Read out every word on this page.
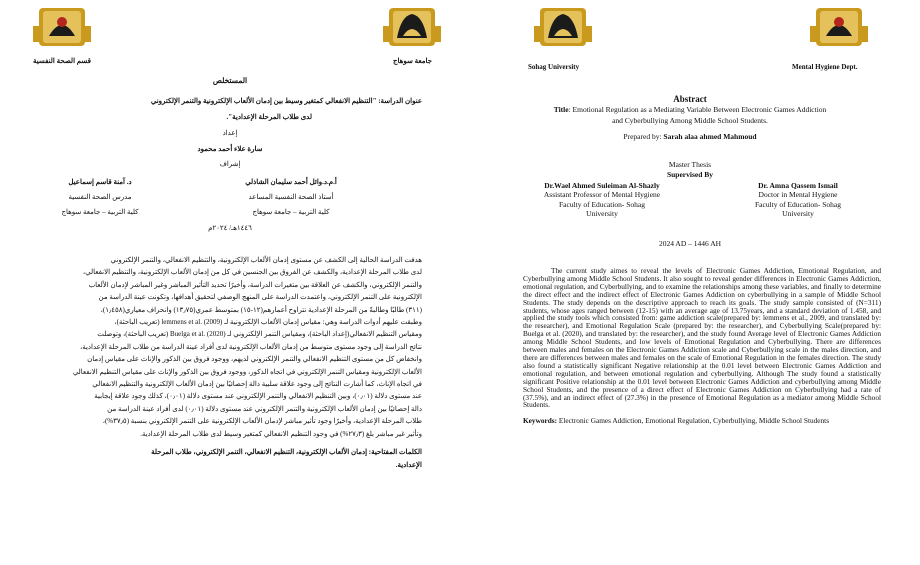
قسم الصحة النفسية	جامعة سوهاج
المستخلص
عنوان الدراسة: "التنظيم الانفعالي كمتغير وسيط بين إدمان الألعاب الإلكترونية والتنمر الإلكتروني
لدى طلاب المرحلة الإعدادية".
إعداد
سارة علاء أحمد محمود
إشراف
أ.م.د.وائل أحمد سليمان الشاذلي
أستاذ الصحة النفسية المساعد
كلية التربية – جامعة سوهاج
د. آمنة قاسم إسماعيل
مدرس الصحة النفسية
كلية التربية – جامعة سوهاج
١٤٤٦هـ/ ٢٠٢٤م
هدفت الدراسة الحالية إلى الكشف عن مستوى إدمان الألعاب الإلكترونية، والتنظيم الانفعالي، والتنمر الإلكتروني
لدى طلاب المرحلة الإعدادية، والكشف عن الفروق بين الجنسين في كل من إدمان الألعاب الإلكترونية، والتنظيم الانفعالي،
والتنمر الإلكتروني، والكشف عن العلاقة بين متغيرات الدراسة، وأخيرًا تحديد التأثير المباشر وغير المباشر لإدمان الألعاب
الإلكترونية على التنمر الإلكتروني، واعتمدت الدراسة على المنهج الوصفي لتحقيق أهدافها، وتكونت عينة الدراسة من
(٣١١) طالبًا وطالبةً من المرحلة الإعدادية تتراوح أعمارهم(١٢-١٥) بمتوسط عمري(١٣٫٧٥) وانحراف معياري(١٫٤٥٨)،
وطبقت عليهم أدوات الدراسة وهي: مقياس إدمان الألعاب الإلكترونية لـ lemmens et al. (2009) (تعريب الباحثة)،
ومقياس التنظيم الانفعالي(إعداد الباحثة)، ومقياس التنمر الإلكتروني لـ Buelga et al. (2020) (تعريب الباحثة)، وتوصلت
نتائج الدراسة إلى وجود مستوى متوسط من إدمان الألعاب الإلكترونية لدى أفراد عينة الدراسة من طلاب المرحلة الإعدادية،
وانخفاض كل من مستوى التنظيم الانفعالي والتنمر الإلكتروني لديهم، ووجود فروق بين الذكور والإناث على مقياس إدمان
الألعاب الإلكترونية ومقياس التنمر الإلكتروني في اتجاه الذكور، ووجود فروق بين الذكور والإناث على مقياس التنظيم الانفعالي
في اتجاه الإناث، كما أشارت النتائج إلى وجود علاقة سلبية دالة إحصائيًا بين إدمان الألعاب الإلكترونية والتنظيم الانفعالي
عند مستوى دلالة (٠٫٠١)، وبين التنظيم الانفعالي والتنمر الإلكتروني عند مستوى دلالة (٠٫٠١)، كذلك وجود علاقة إيجابية
دالة إحصائيًا بين إدمان الألعاب الإلكترونية والتنمر الإلكتروني عند مستوى دلالة (٠٫٠١) لدى أفراد عينة الدراسة من
طلاب المرحلة الإعدادية، وأخيرًا وجود تأثير مباشر لإدمان الألعاب الإلكترونية على التنمر الإلكتروني بنسبة (٣٧٫٥%)،
وتأثير غير مباشر بلغ (٢٧٫٣%) في وجود التنظيم الانفعالي كمتغير وسيط لدى طلاب المرحلة الإعدادية.
الكلمات المفتاحية: إدمان الألعاب الإلكترونية، التنظيم الانفعالي، التنمر الإلكتروني، طلاب المرحلة
الإعدادية.
Sohag University	Mental Hygiene Dept.
Abstract
Title: Emotional Regulation as a Mediating Variable Between Electronic Games Addiction
and Cyberbullying Among Middle School Students.
Prepared by: Sarah alaa ahmed Mahmoud
Master Thesis
Supervised By
Dr.Wael Ahmed Suleiman Al-Shazly
Assistant Professor of Mental Hygiene
Faculty of Education- Sohag
University
Dr. Amna Qassem Ismail
Doctor in Mental Hygiene
Faculty of Education- Sohag
University
2024 AD – 1446 AH
The current study aimes to reveal the levels of Electronic Games Addiction, Emotional Regulation, and Cyberbullying among Middle School Students. It also sought to reveal gender differences in Electronic Games Addiction, emotional regulation, and Cyberbullying, and to examine the relationships among these variables, and finally to determine the direct effect and the indirect effect of Electronic Games Addiction on cyberbullying in a sample of Middle School Students. The study depends on the descriptive approach to reach its goals. The study sample consisted of (N=311) students, whose ages ranged between (12-15) with an average age of 13.75years, and a standard deviation of 1.458, and applied the study tools which consisted from: game addiction scale(prepared by: lemmens et al., 2009, and translated by: the researcher), and Emotional Regulation Scale (prepared by: the researcher), and Cyberbullying Scale(prepared by: Buelga et al. (2020), and translated by: the researcher), and the study found Average level of Electronic Games Addiction among Middle School Students, and low levels of Emotional Regulation and Cyberbullying. There are differences between males and females on the Electronic Games Addiction scale and Cyberbullying scale in the males direction, and there are differences between males and females on the scale of Emotional Regulation in the females direction. The study also found a statistically significant Negative relationship at the 0.01 level between Electronic Games Addiction and emotional regulation, and between emotional regulation and cyberbullying. Although The study found a statistically significant Positive relationship at the 0.01 level between Electronic Games Addiction and cyberbullying among Middle School Students, and the presence of a direct effect of Electronic Games Addiction on Cyberbullying had a rate of (37.5%), and an indirect effect of (27.3%) in the presence of Emotional Regulation as a mediator among Middle School Students.
Keywords: Electronic Games Addiction, Emotional Regulation, Cyberbullying, Middle School Students
